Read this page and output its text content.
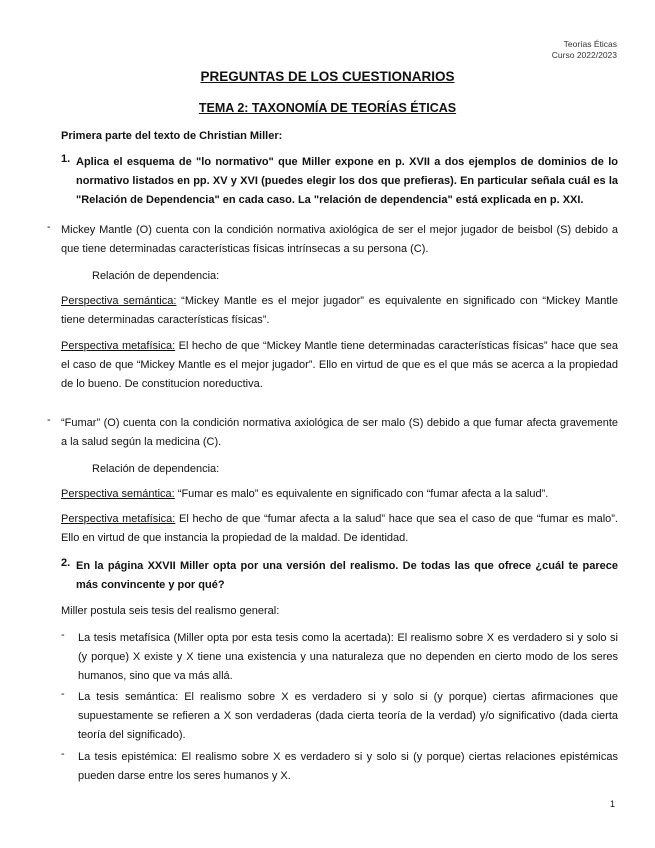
Teorías Éticas
Curso 2022/2023
PREGUNTAS DE LOS CUESTIONARIOS
TEMA 2: TAXONOMÍA DE TEORÍAS ÉTICAS
Primera parte del texto de Christian Miller:
1. Aplica el esquema de "lo normativo" que Miller expone en p. XVII a dos ejemplos de dominios de lo normativo listados en pp. XV y XVI (puedes elegir los dos que prefieras). En particular señala cuál es la "Relación de Dependencia" en cada caso. La "relación de dependencia" está explicada en p. XXI.
- Mickey Mantle (O) cuenta con la condición normativa axiológica de ser el mejor jugador de beisbol (S) debido a que tiene determinadas características físicas intrínsecas a su persona (C).
Relación de dependencia:
Perspectiva semántica: “Mickey Mantle es el mejor jugador” es equivalente en significado con “Mickey Mantle tiene determinadas características físicas”.
Perspectiva metafísica: El hecho de que “Mickey Mantle tiene determinadas características físicas” hace que sea el caso de que “Mickey Mantle es el mejor jugador”. Ello en virtud de que es el que más se acerca a la propiedad de lo bueno. De constitucion noreductiva.
- “Fumar” (O) cuenta con la condición normativa axiológica de ser malo (S) debido a que fumar afecta gravemente a la salud según la medicina (C).
Relación de dependencia:
Perspectiva semántica: “Fumar es malo” es equivalente en significado con “fumar afecta a la salud”.
Perspectiva metafísica: El hecho de que “fumar afecta a la salud” hace que sea el caso de que “fumar es malo”. Ello en virtud de que instancia la propiedad de la maldad. De identidad.
2. En la página XXVII Miller opta por una versión del realismo. De todas las que ofrece ¿cuál te parece más convincente y por qué?
Miller postula seis tesis del realismo general:
- La tesis metafísica (Miller opta por esta tesis como la acertada): El realismo sobre X es verdadero si y solo si (y porque) X existe y X tiene una existencia y una naturaleza que no dependen en cierto modo de los seres humanos, sino que va más allá.
- La tesis semántica: El realismo sobre X es verdadero si y solo si (y porque) ciertas afirmaciones que supuestamente se refieren a X son verdaderas (dada cierta teoría de la verdad) y/o significativo (dada cierta teoría del significado).
- La tesis epistémica: El realismo sobre X es verdadero si y solo si (y porque) ciertas relaciones epistémicas pueden darse entre los seres humanos y X.
1
